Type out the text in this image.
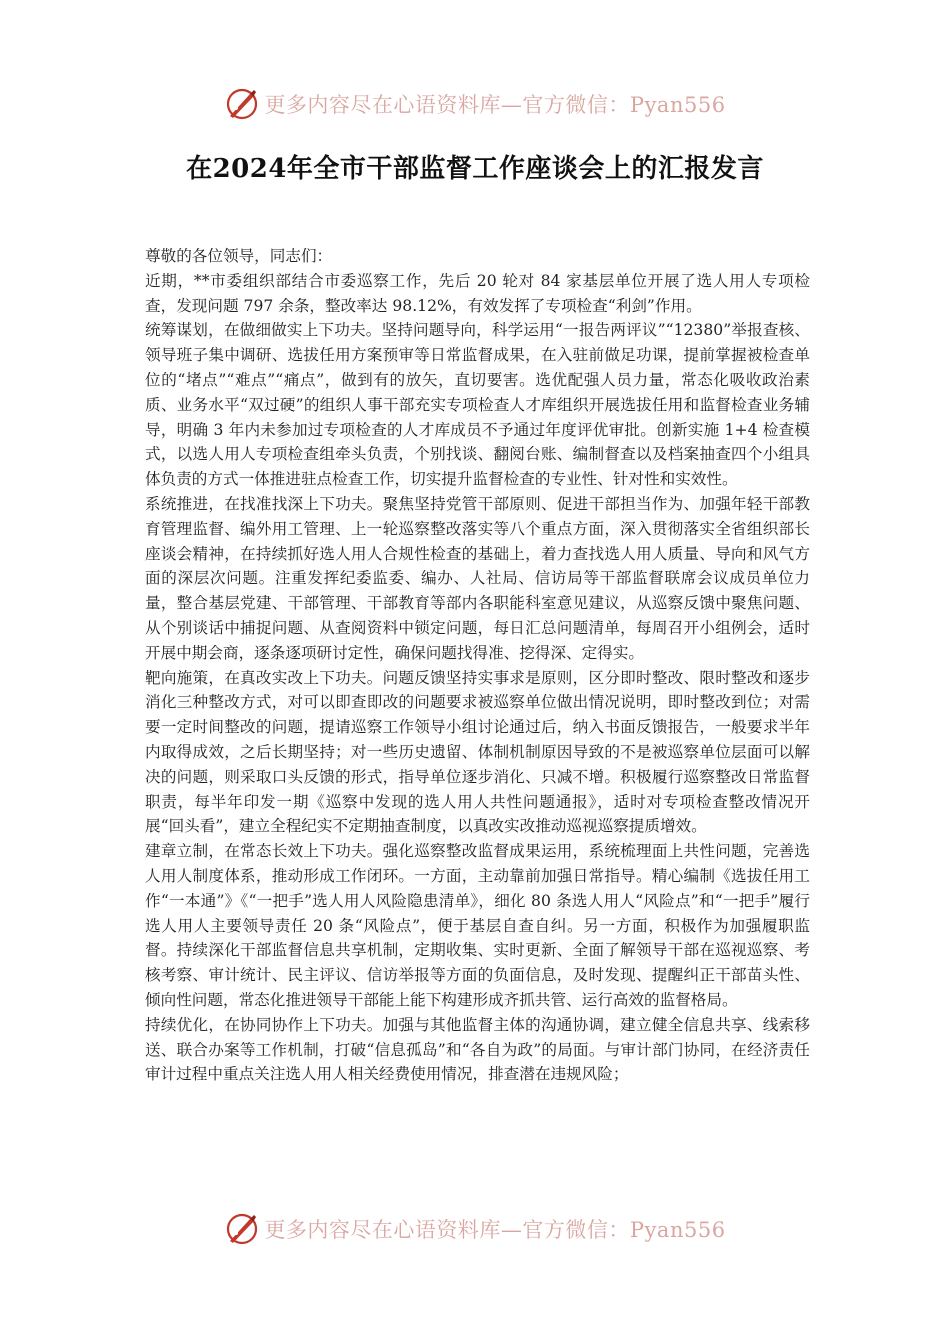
更多内容尽在心语资料库—官方微信：Pyan556
在2024年全市干部监督工作座谈会上的汇报发言

尊敬的各位领导，同志们：

近期，**市委组织部结合市委巡察工作，先后 20 轮对 84 家基层单位开展了选人用人专项检查，发现问题 797 余条，整改率达 98.12%，有效发挥了专项检查“利剑”作用。

统筹谋划，在做细做实上下功夫。坚持问题导向，科学运用“一报告两评议”“12380”举报查核、领导班子集中调研、选拔任用方案预审等日常监督成果，在入驻前做足功课，提前掌握被检查单位的“堵点”“难点”“痛点”，做到有的放矢，直切要害。选优配强人员力量，常态化吸收政治素质、业务水平“双过硬”的组织人事干部充实专项检查人才库组织开展选拔任用和监督检查业务辅导，明确 3 年内未参加过专项检查的人才库成员不予通过年度评优审批。创新实施 1+4 检查模式，以选人用人专项检查组牵头负责，个别找谈、翻阅台账、编制督查以及档案抽查四个小组具体负责的方式一体推进驻点检查工作，切实提升监督检查的专业性、针对性和实效性。

系统推进，在找准找深上下功夫。聚焦坚持党管干部原则、促进干部担当作为、加强年轻干部教育管理监督、编外用工管理、上一轮巡察整改落实等八个重点方面，深入贯彻落实全省组织部长座谈会精神，在持续抓好选人用人合规性检查的基础上，着力查找选人用人质量、导向和风气方面的深层次问题。注重发挥纪委监委、编办、人社局、信访局等干部监督联席会议成员单位力量，整合基层党建、干部管理、干部教育等部内各职能科室意见建议，从巡察反馈中聚焦问题、从个别谈话中捕捉问题、从查阅资料中锁定问题，每日汇总问题清单，每周召开小组例会，适时开展中期会商，逐条逐项研讨定性，确保问题找得准、挖得深、定得实。

靶向施策，在真改实改上下功夫。问题反馈坚持实事求是原则，区分即时整改、限时整改和逐步消化三种整改方式，对可以即查即改的问题要求被巡察单位做出情况说明，即时整改到位；对需要一定时间整改的问题，提请巡察工作领导小组讨论通过后，纳入书面反馈报告，一般要求半年内取得成效，之后长期坚持；对一些历史遗留、体制机制原因导致的不是被巡察单位层面可以解决的问题，则采取口头反馈的形式，指导单位逐步消化、只减不增。积极履行巡察整改日常监督职责，每半年印发一期《巡察中发现的选人用人共性问题通报》，适时对专项检查整改情况开展“回头看”，建立全程纪实不定期抽查制度，以真改实改推动巡视巡察提质增效。

建章立制，在常态长效上下功夫。强化巡察整改监督成果运用，系统梳理面上共性问题，完善选人用人制度体系，推动形成工作闭环。一方面，主动靠前加强日常指导。精心编制《选拔任用工作“一本通”》《“一把手”选人用人风险隐患清单》，细化 80 条选人用人“风险点”和“一把手”履行选人用人主要领导责任 20 条“风险点”，便于基层自查自纠。另一方面，积极作为加强履职监督。持续深化干部监督信息共享机制，定期收集、实时更新、全面了解领导干部在巡视巡察、考核考察、审计统计、民主评议、信访举报等方面的负面信息，及时发现、提醒纠正干部苗头性、倾向性问题，常态化推进领导干部能上能下构建形成齐抓共管、运行高效的监督格局。

持续优化，在协同协作上下功夫。加强与其他监督主体的沟通协调，建立健全信息共享、线索移送、联合办案等工作机制，打破“信息孤岛”和“各自为政”的局面。与审计部门协同，在经济责任审计过程中重点关注选人用人相关经费使用情况，排查潜在违规风险；

更多内容尽在心语资料库—官方微信：Pyan556
